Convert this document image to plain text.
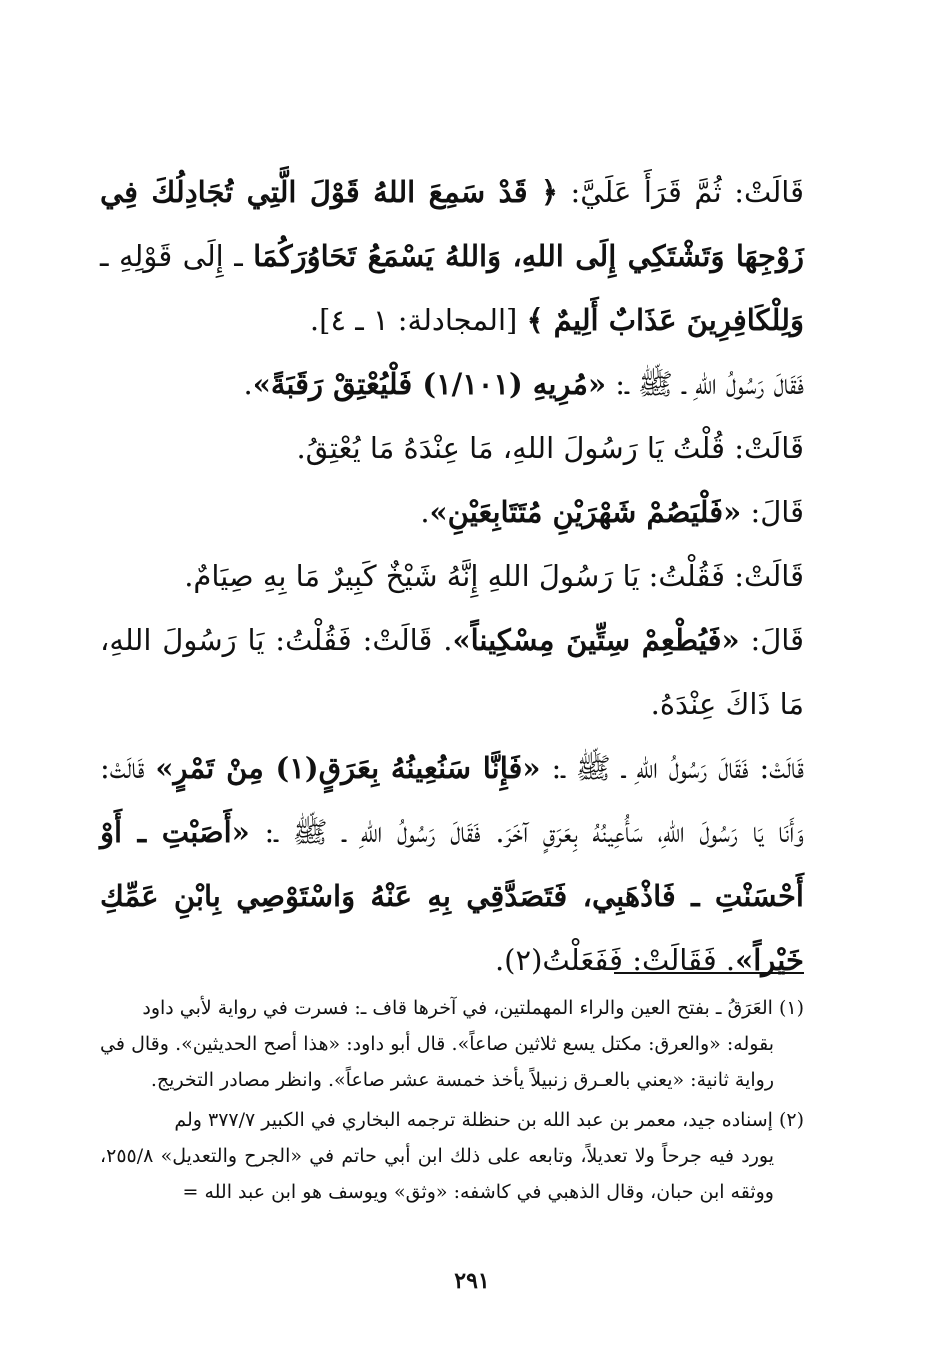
قَالَتْ: ثُمَّ قَرَأَ عَلَيَّ: ﴿ قَدْ سَمِعَ اللهُ قَوْلَ الَّتِي تُجَادِلُكَ فِي زَوْجِهَا وَتَشْتَكِي إِلَى اللهِ، وَاللهُ يَسْمَعُ تَحَاوُرَكُمَا ـ إِلَى قَوْلِهِ ـ وَلِلْكَافِرِينَ عَذَابٌ أَلِيمٌ ﴾ [المجادلة: ١ ـ ٤].

فَقَالَ رَسُولُ اللهِ ـ ﷺ ـ: «مُرِيهِ (١/١٠١) فَلْيُعْتِقْ رَقَبَةً».

قَالَتْ: قُلْتُ يَا رَسُولَ اللهِ، مَا عِنْدَهُ مَا يُعْتِقُ.

قَالَ: «فَلْيَصُمْ شَهْرَيْنِ مُتَتَابِعَيْنِ».

قَالَتْ: فَقُلْتُ: يَا رَسُولَ اللهِ إِنَّهُ شَيْخٌ كَبِيرٌ مَا بِهِ صِيَامٌ.

قَالَ: «فَيُطْعِمْ سِتِّينَ مِسْكِيناً». قَالَتْ: فَقُلْتُ: يَا رَسُولَ اللهِ، مَا ذَاكَ عِنْدَهُ.

قَالَتْ: فَقَالَ رَسُولُ اللهِ ـ ﷺ ـ: «فَإِنَّا سَنُعِينُهُ بِعَرَقٍ(١) مِنْ تَمْرٍ» قَالَتْ: وَأَنَا يَا رَسُولَ اللهِ، سَأُعِينُهُ بِعَرَقٍ آخَرَ. فَقَالَ رَسُولُ اللهِ ـ ﷺ ـ: «أَصَبْتِ ـ أَوْ أَحْسَنْتِ ـ فَاذْهَبِي، فَتَصَدَّقِي بِهِ عَنْهُ وَاسْتَوْصِي بِابْنِ عَمِّكِ خَيْراً». فَقَالَتْ: فَفَعَلْتُ(٢).

(١) العَرَقُ ـ بفتح العين والراء المهملتين، في آخرها قاف ـ: فسرت في رواية لأبي داود
بقوله: «والعرق: مكتل يسع ثلاثين صاعاً». قال أبو داود: «هذا أصح الحديثين». وقال في رواية ثانية: «يعني بالعـرق زنبيلاً يأخذ خمسة عشر صاعاً». وانظر مصادر التخريج.

(٢) إسناده جيد، معمر بن عبد الله بن حنظلة ترجمه البخاري في الكبير ٣٧٧/٧ ولم
يورد فيه جرحاً ولا تعديلاً، وتابعه على ذلك ابن أبي حاتم في «الجرح والتعديل» ٢٥٥/٨، ووثقه ابن حبان، وقال الذهبي في كاشفه: «وثق» ويوسف هو ابن عبد الله =

٢٩١
